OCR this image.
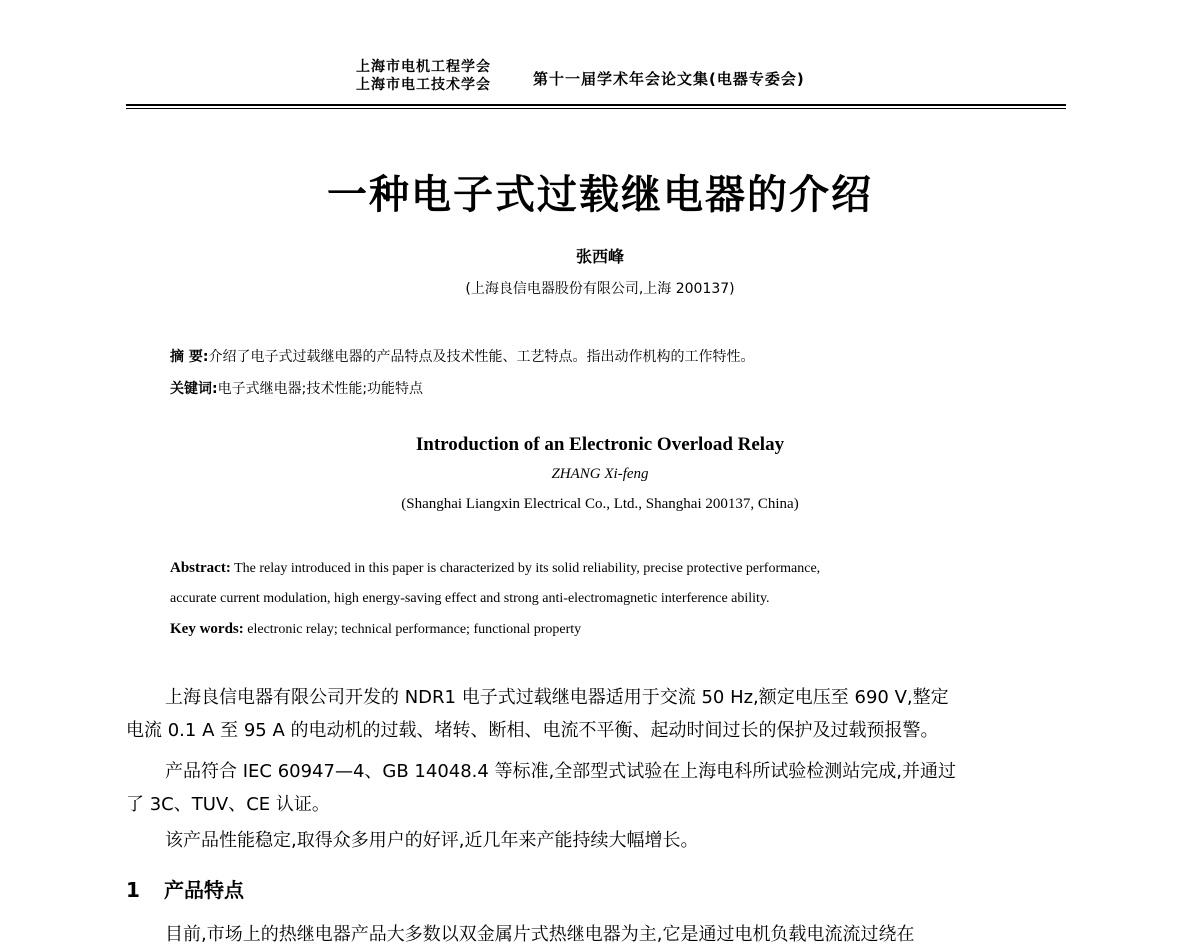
上海市电机工程学会
上海市电工技术学会	第十一届学术年会论文集(电器专委会)
一种电子式过载继电器的介绍
张西峰
(上海良信电器股份有限公司,上海 200137)
摘 要:介绍了电子式过载继电器的产品特点及技术性能、工艺特点。指出动作机构的工作特性。
关键词:电子式继电器;技术性能;功能特点
Introduction of an Electronic Overload Relay
ZHANG Xi-feng
(Shanghai Liangxin Electrical Co., Ltd., Shanghai 200137, China)
Abstract: The relay introduced in this paper is characterized by its solid reliability, precise protective performance,
accurate current modulation, high energy-saving effect and strong anti-electromagnetic interference ability.
Key words: electronic relay; technical performance; functional property
上海良信电器有限公司开发的 NDR1 电子式过载继电器适用于交流 50 Hz,额定电压至 690 V,整定
电流 0.1 A 至 95 A 的电动机的过载、堵转、断相、电流不平衡、起动时间过长的保护及过载预报警。
产品符合 IEC 60947—4、GB 14048.4 等标准,全部型式试验在上海电科所试验检测站完成,并通过
了 3C、TUV、CE 认证。
该产品性能稳定,取得众多用户的好评,近几年来产能持续大幅增长。
1 产品特点
目前,市场上的热继电器产品大多数以双金属片式热继电器为主,它是通过电机负载电流流过绕在
